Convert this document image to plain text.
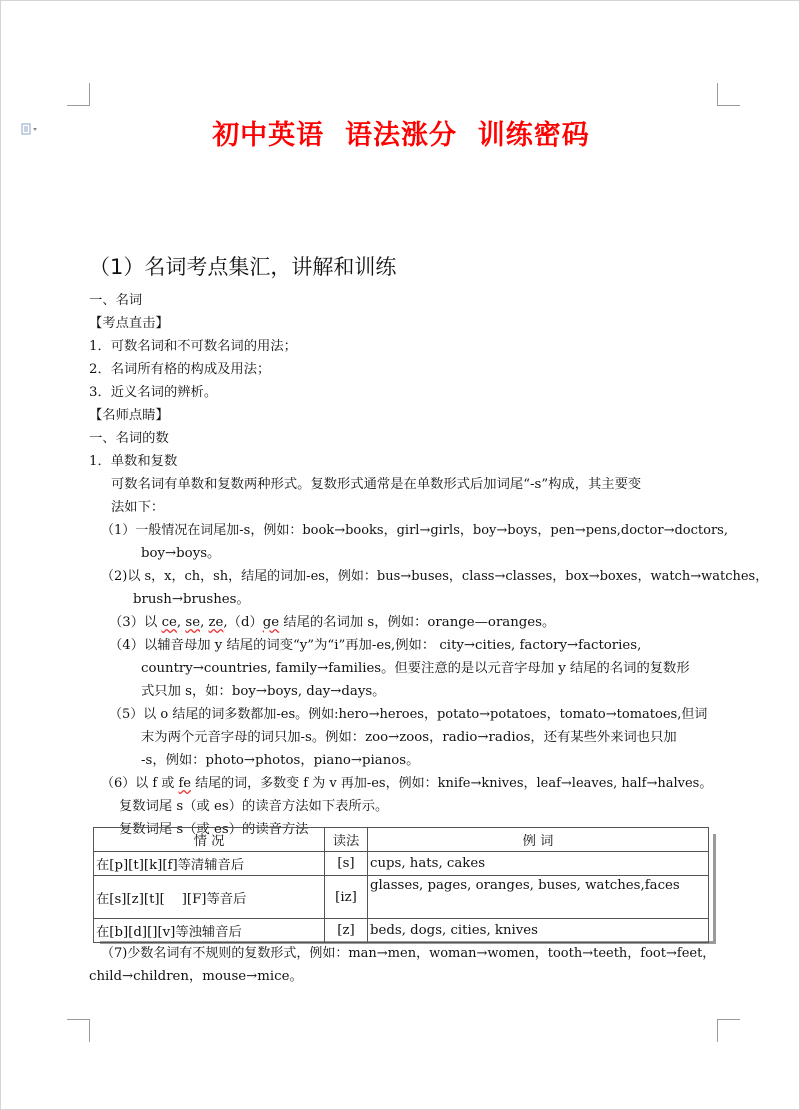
初中英语  语法涨分  训练密码
（1）名词考点集汇，讲解和训练
一、名词
【考点直击】
1．可数名词和不可数名词的用法；
2．名词所有格的构成及用法；
3．近义名词的辨析。
【名师点睛】
一、名词的数
1．单数和复数
可数名词有单数和复数两种形式。复数形式通常是在单数形式后加词尾“-s”构成，其主要变
法如下：
（1）一般情况在词尾加-s，例如：book→books，girl→girls，boy→boys，pen→pens,doctor→doctors,
boy→boys。
（2)以 s，x，ch，sh，结尾的词加-es，例如：bus→buses，class→classes，box→boxes，watch→watches，
brush→brushes。
（3）以 ce, se, ze,（d）ge 结尾的名词加 s，例如：orange—oranges。
（4）以辅音母加 y 结尾的词变“y”为“i”再加-es,例如： city→cities, factory→factories,
country→countries, family→families。但要注意的是以元音字母加 y 结尾的名词的复数形
式只加 s，如：boy→boys, day→days。
（5）以 o 结尾的词多数都加-es。例如:hero→heroes，potato→potatoes，tomato→tomatoes,但词
末为两个元音字母的词只加-s。例如：zoo→zoos，radio→radios，还有某些外来词也只加
-s，例如：photo→photos，piano→pianos。
（6）以 f 或 fe 结尾的词，多数变 f 为 v 再加-es，例如：knife→knives，leaf→leaves, half→halves。
复数词尾 s（或 es）的读音方法如下表所示。
复数词尾 s（或 es）的读音方法
情 况	读法	例 词
在[p][t][k][f]等清辅音后	[s]	cups, hats, cakes
在[s][z][t][    ][F]等音后	[iz]	glasses, pages, oranges, buses, watches,faces
在[b][d][][v]等浊辅音后	[z]	beds, dogs, cities, knives
（7)少数名词有不规则的复数形式，例如：man→men，woman→women，tooth→teeth，foot→feet，
child→children，mouse→mice。
